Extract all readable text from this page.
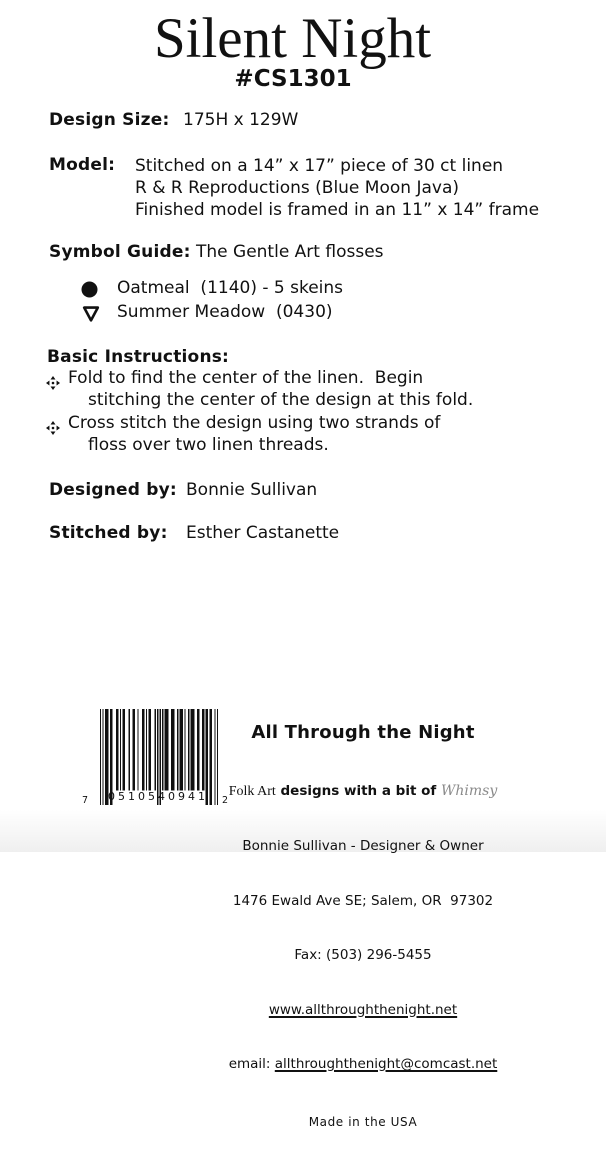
Silent Night
#CS1301
Design Size: 175H x 129W
Model: Stitched on a 14” x 17” piece of 30 ct linen
R & R Reproductions (Blue Moon Java)
Finished model is framed in an 11” x 14” frame
Symbol Guide: The Gentle Art flosses
Oatmeal  (1140) - 5 skeins
Summer Meadow  (0430)
Basic Instructions:
Fold to find the center of the linen.  Begin
stitching the center of the design at this fold.
Cross stitch the design using two strands of
floss over two linen threads.
Designed by: Bonnie Sullivan
Stitched by: Esther Castanette
7 05105 40941 2

All Through the Night

Folk Art designs with a bit of Whimsy

Bonnie Sullivan - Designer & Owner

1476 Ewald Ave SE; Salem, OR  97302

Fax: (503) 296-5455

www.allthroughthenight.net

email: allthroughthenight@comcast.net

Made in the USA
